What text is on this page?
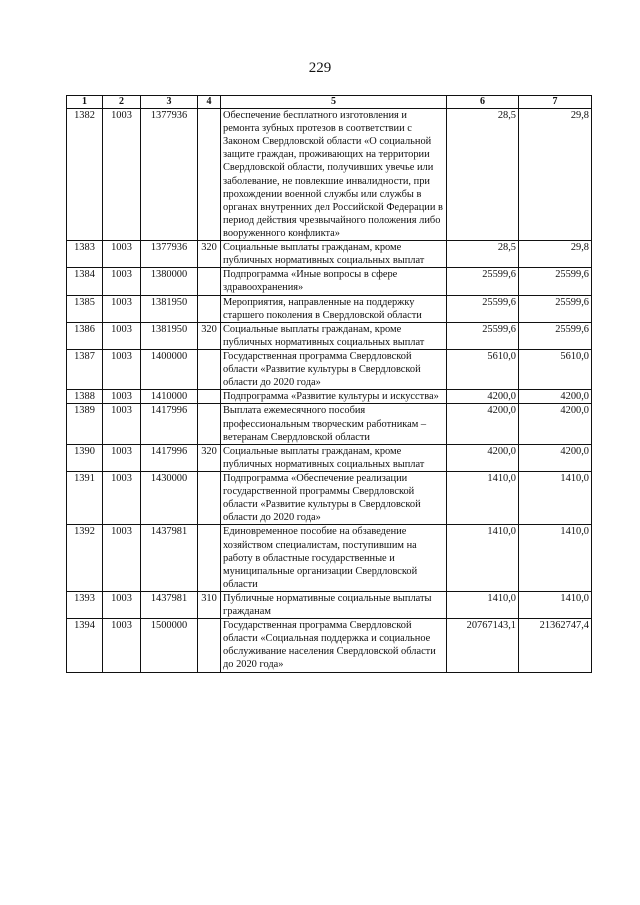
229
1	2	3	4	5	6	7
1382	1003	1377936		Обеспечение бесплатного изготовления и ремонта зубных протезов в соответствии с Законом Свердловской области «О социальной защите граждан, проживающих на территории Свердловской области, получивших увечье или заболевание, не повлекшие инвалидности, при прохождении военной службы или службы в органах внутренних дел Российской Федерации в период действия чрезвычайного положения либо вооруженного конфликта»	28,5	29,8
1383	1003	1377936	320	Социальные выплаты гражданам, кроме публичных нормативных социальных выплат	28,5	29,8
1384	1003	1380000		Подпрограмма «Иные вопросы в сфере здравоохранения»	25599,6	25599,6
1385	1003	1381950		Мероприятия, направленные на поддержку старшего поколения в Свердловской области	25599,6	25599,6
1386	1003	1381950	320	Социальные выплаты гражданам, кроме публичных нормативных социальных выплат	25599,6	25599,6
1387	1003	1400000		Государственная программа Свердловской области «Развитие культуры в Свердловской области до 2020 года»	5610,0	5610,0
1388	1003	1410000		Подпрограмма «Развитие культуры и искусства»	4200,0	4200,0
1389	1003	1417996		Выплата ежемесячного пособия профессиональным творческим работникам – ветеранам Свердловской области	4200,0	4200,0
1390	1003	1417996	320	Социальные выплаты гражданам, кроме публичных нормативных социальных выплат	4200,0	4200,0
1391	1003	1430000		Подпрограмма «Обеспечение реализации государственной программы Свердловской области «Развитие культуры в Свердловской области до 2020 года»	1410,0	1410,0
1392	1003	1437981		Единовременное пособие на обзаведение хозяйством специалистам, поступившим на работу в областные государственные и муниципальные организации Свердловской области	1410,0	1410,0
1393	1003	1437981	310	Публичные нормативные социальные выплаты гражданам	1410,0	1410,0
1394	1003	1500000		Государственная программа Свердловской области «Социальная поддержка и социальное обслуживание населения Свердловской области до 2020 года»	20767143,1	21362747,4
